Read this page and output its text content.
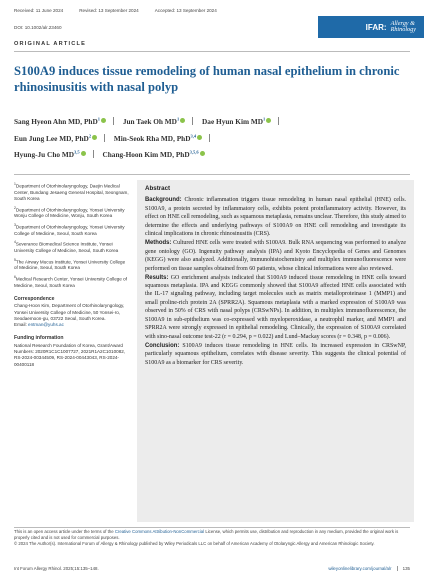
Received: 11 June 2024	Revised: 13 September 2024	Accepted: 13 September 2024
DOI: 10.1002/alr.23460	IFAR: Allergy &
Rhinology
ORIGINAL ARTICLE
S100A9 induces tissue remodeling of human nasal epithelium in chronic rhinosinusitis with nasal polyp
Sang Hyeon Ahn MD, PhD$^1$	Jun Taek Oh $MD^1$	Dae Hyun Kim $MD^1$
Eun Jung Lee MD, PhD$^2$	Min-Seok Rha MD, PhD$^{3,4}$
Hyung-Ju Cho MD$^{3,5}$	Chang-Hoon Kim MD, PhD$^{3,5,6}$
$^1$Department of Otorhinolaryngology, Daejin Medical Center, Bundang Jesaeng General Hospital, Seongnam, South Korea
$^2$Department of Otorhinolaryngology, Yonsei University Wonju College of Medicine, Wonju, South Korea
$^3$Department of Otorhinolaryngology, Yonsei University College of Medicine, Seoul, South Korea
$^4$Severance Biomedical Science Institute, Yonsei University College of Medicine, Seoul, South Korea
$^5$The Airway Mucus Institute, Yonsei University College of Medicine, Seoul, South Korea
$^6$Medical Research Center, Yonsei University College of Medicine, Seoul, South Korea
Correspondence
Chang-Hoon Kim, Department of Otorhinolaryngology, Yonsei University College of Medicine, 50 Yonsei-ro, Seodaemoon-gu, 03722 Seoul, South Korea.
Email: entman@yuhs.ac
Funding information
National Research Foundation of Korea, Grant/Award Numbers: 2020R1C1C1007727, 2021R1A2C1010082, RS-2024-00344509, RS-2024-00443043, RS-2024-00400118
Abstract

Background: Chronic inflammation triggers tissue remodeling in human nasal epithelial (HNE) cells. S100A9, a protein secreted by inflammatory cells, exhibits potent proinflammatory activity. However, its effect on HNE cell remodeling, such as squamous metaplasia, remains unclear. Therefore, this study aimed to determine the effects and underlying pathways of S100A9 on HNE cell remodeling and investigate its clinical implications in chronic rhinosinusitis (CRS).

Methods: Cultured HNE cells were treated with S100A9. Bulk RNA sequencing was performed to analyze gene ontology (GO). Ingenuity pathway analysis (IPA) and Kyoto Encyclopedia of Genes and Genomes (KEGG) were also analyzed. Additionally, immunohistochemistry and multiplex immunofluorescence were performed on tissue samples obtained from 60 patients, whose clinical informations were also reviewed.

Results: GO enrichment analysis indicated that S100A9 induced tissue remodeling in HNE cells toward squamous metaplasia. IPA and KEGG commonly showed that S100A9 affected HNE cells associated with the IL-17 signaling pathway, including target molecules such as matrix metalloproteinase 1 (MMP1) and small proline-rich protein 2A (SPRR2A). Squamous metaplasia with a marked expression of S100A9 was observed in 50% of CRS with nasal polyps (CRSwNPs). In addition, in multiplex immunofluorescence, the S100A9 in sub-epithelium was co-expressed with myeloperoxidase, a neutrophil marker, and MMP1 and SPRR2A were strongly expressed in epithelial remodeling. Clinically, the expression of S100A9 correlated with sino-nasal outcome test-22 (r = 0.294, p = 0.022) and Lund–Mackay scores (r = 0.348, p = 0.006).

Conclusion: S100A9 induces tissue remodeling in HNE cells. Its increased expression in CRSwNP, particularly squamous epithelium, correlates with disease severity. This suggests the clinical potential of S100A9 as a biomarker for CRS severity.

This is an open access article under the terms of the Creative Commons Attribution-NonCommercial License, which permits use, distribution and reproduction in any medium, provided the original work is properly cited and is not used for commercial purposes.
© 2024 The Author(s). International Forum of Allergy & Rhinology published by Wiley Periodicals LLC on behalf of American Academy of Otolaryngic Allergy and American Rhinologic Society.
Int Forum Allergy Rhinol. 2025;15:135–148.	wileyonlinelibrary.com/journal/alr	135
